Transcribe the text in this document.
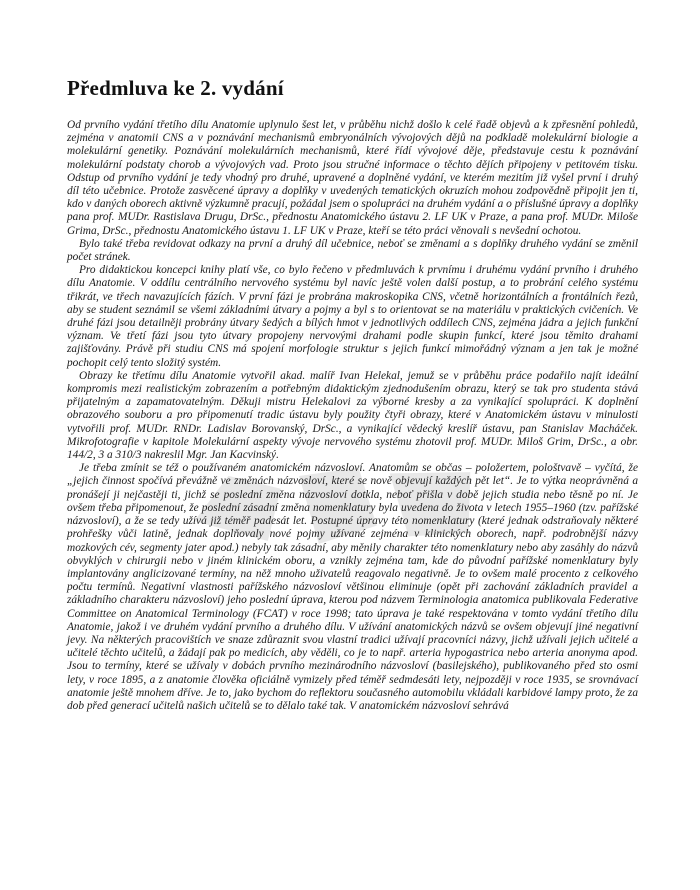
Předmluva ke 2. vydání

Od prvního vydání třetího dílu Anatomie uplynulo šest let, v průběhu nichž došlo k celé řadě objevů a k zpřesnění pohledů, zejména v anatomii CNS a v poznávání mechanismů embryonálních vývojových dějů na podkladě molekulární biologie a molekulární genetiky. Poznávání molekulárních mechanismů, které řídí vývojové děje, představuje cestu k poznávání molekulární podstaty chorob a vývojových vad. Proto jsou stručné informace o těchto dějích připojeny v petitovém tisku. Odstup od prvního vydání je tedy vhodný pro druhé, upravené a doplněné vydání, ve kterém mezitím již vyšel první i druhý díl této učebnice. Protože zasvěcené úpravy a doplňky v uvedených tematických okruzích mohou zodpovědně připojit jen ti, kdo v daných oborech aktivně výzkumně pracují, požádal jsem o spolupráci na druhém vydání a o příslušné úpravy a doplňky pana prof. MUDr. Rastislava Drugu, DrSc., přednostu Anatomického ústavu 2. LF UK v Praze, a pana prof. MUDr. Miloše Grima, DrSc., přednostu Anatomického ústavu 1. LF UK v Praze, kteří se této práci věnovali s nevšední ochotou.

Bylo také třeba revidovat odkazy na první a druhý díl učebnice, neboť se změnami a s doplňky druhého vydání se změnil počet stránek.

Pro didaktickou koncepci knihy platí vše, co bylo řečeno v předmluvách k prvnímu i druhému vydání prvního i druhého dílu Anatomie. V oddílu centrálního nervového systému byl navíc ještě volen další postup, a to probrání celého systému třikrát, ve třech navazujících fázích. V první fázi je probrána makroskopika CNS, včetně horizontálních a frontálních řezů, aby se student seznámil se všemi základními útvary a pojmy a byl s to orientovat se na materiálu v praktických cvičeních. Ve druhé fázi jsou detailněji probrány útvary šedých a bílých hmot v jednotlivých oddílech CNS, zejména jádra a jejich funkční význam. Ve třetí fázi jsou tyto útvary propojeny nervovými drahami podle skupin funkcí, které jsou těmito drahami zajišťovány. Právě při studiu CNS má spojení morfologie struktur s jejich funkcí mimořádný význam a jen tak je možné pochopit celý tento složitý systém.

Obrazy ke třetímu dílu Anatomie vytvořil akad. malíř Ivan Helekal, jemuž se v průběhu práce podařilo najít ideální kompromis mezi realistickým zobrazením a potřebným didaktickým zjednodušením obrazu, který se tak pro studenta stává přijatelným a zapamatovatelným. Děkuji mistru Helekalovi za výborné kresby a za vynikající spolupráci. K doplnění obrazového souboru a pro připomenutí tradic ústavu byly použity čtyři obrazy, které v Anatomickém ústavu v minulosti vytvořili prof. MUDr. RNDr. Ladislav Borovanský, DrSc., a vynikající vědecký kreslíř ústavu, pan Stanislav Macháček. Mikrofotografie v kapitole Molekulární aspekty vývoje nervového systému zhotovil prof. MUDr. Miloš Grim, DrSc., a obr. 144/2, 3 a 310/3 nakreslil Mgr. Jan Kacvinský.

Je třeba zmínit se též o používaném anatomickém názvosloví. Anatomům se občas – položertem, pološtvavě – vyčítá, že „jejich činnost spočívá převážně ve změnách názvosloví, které se nově objevují každých pět let“. Je to výtka neoprávněná a pronášejí ji nejčastěji ti, jichž se poslední změna názvosloví dotkla, neboť přišla v době jejich studia nebo těsně po ní. Je ovšem třeba připomenout, že poslední zásadní změna nomenklatury byla uvedena do života v letech 1955–1960 (tzv. pařížské názvosloví), a že se tedy užívá již téměř padesát let. Postupné úpravy této nomenklatury (které jednak odstraňovaly některé prohřešky vůči latině, jednak doplňovaly nové pojmy užívané zejména v klinických oborech, např. podrobnější názvy mozkových cév, segmenty jater apod.) nebyly tak zásadní, aby měnily charakter této nomenklatury nebo aby zasáhly do názvů obvyklých v chirurgii nebo v jiném klinickém oboru, a vznikly zejména tam, kde do původní pařížské nomenklatury byly implantovány anglicizované termíny, na něž mnoho uživatelů reagovalo negativně. Je to ovšem malé procento z celkového počtu termínů. Negativní vlastnosti pařížského názvosloví většinou eliminuje (opět při zachování základních pravidel a základního charakteru názvosloví) jeho poslední úprava, kterou pod názvem Terminologia anatomica publikovala Federative Committee on Anatomical Terminology (FCAT) v roce 1998; tato úprava je také respektována v tomto vydání třetího dílu Anatomie, jakož i ve druhém vydání prvního a druhého dílu. V užívání anatomických názvů se ovšem objevují jiné negativní jevy. Na některých pracovištích ve snaze zdůraznit svou vlastní tradici užívají pracovníci názvy, jichž užívali jejich učitelé a učitelé těchto učitelů, a žádají pak po medicích, aby věděli, co je to např. arteria hypogastrica nebo arteria anonyma apod. Jsou to termíny, které se užívaly v dobách prvního mezinárodního názvosloví (basilejského), publikovaného před sto osmi lety, v roce 1895, a z anatomie člověka oficiálně vymizely před téměř sedmdesáti lety, nejpozději v roce 1935, se srovnávací anatomie ještě mnohem dříve. Je to, jako bychom do reflektoru současného automobilu vkládali karbidové lampy proto, že za dob před generací učitelů našich učitelů se to dělalo také tak. V anatomickém názvosloví sehrává
